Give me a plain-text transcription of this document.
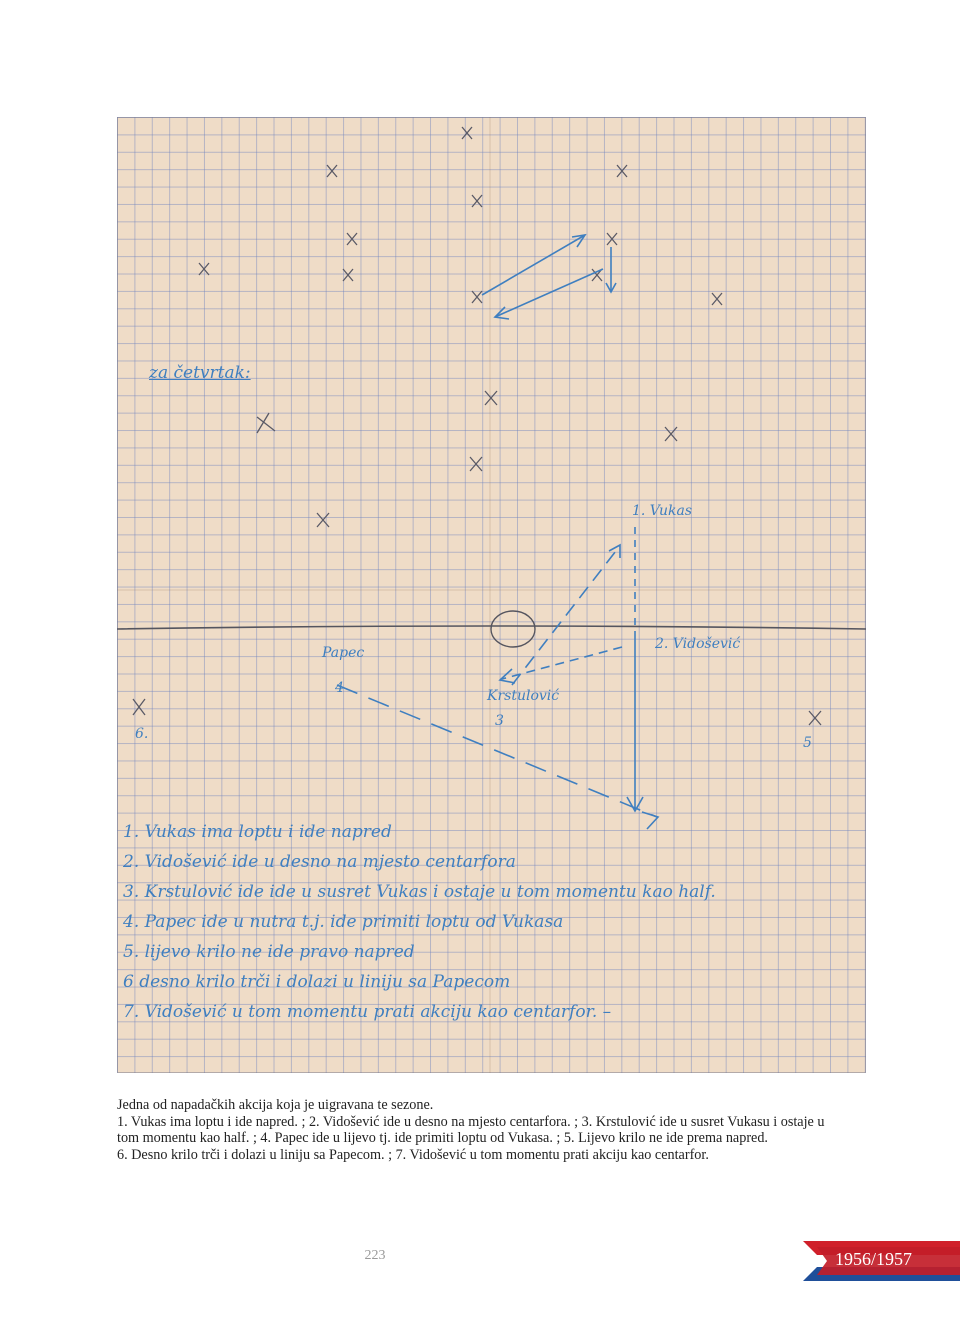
za četvrtak:
1. Vukas
2. Vidošević
Papec
4	Krstulović
3
6.
5
1. Vukas ima loptu i ide napred
2. Vidošević ide u desno na mjesto centarfora
3. Krstulović ide ide u susret Vukas i ostaje u tom momentu kao half.
4. Papec ide u nutra t.j. ide primiti loptu od Vukasa
5. lijevo krilo ne ide pravo napred
6 desno krilo trči i dolazi u liniju sa Papecom
7. Vidošević u tom momentu prati akciju kao centarfor. –

Jedna od napadačkih akcija koja je uigravana te sezone.

1. Vukas ima loptu i ide napred. ; 2. Vidošević ide u desno na mjesto centarfora. ; 3. Krstulović ide u susret Vukasu i ostaje u

tom momentu kao half. ; 4. Papec ide u lijevo tj. ide primiti loptu od Vukasa. ; 5. Lijevo krilo ne ide prema napred.

6. Desno krilo trči i dolazi u liniju sa Papecom. ; 7. Vidošević u tom momentu prati akciju kao centarfor.

223	1956/1957
